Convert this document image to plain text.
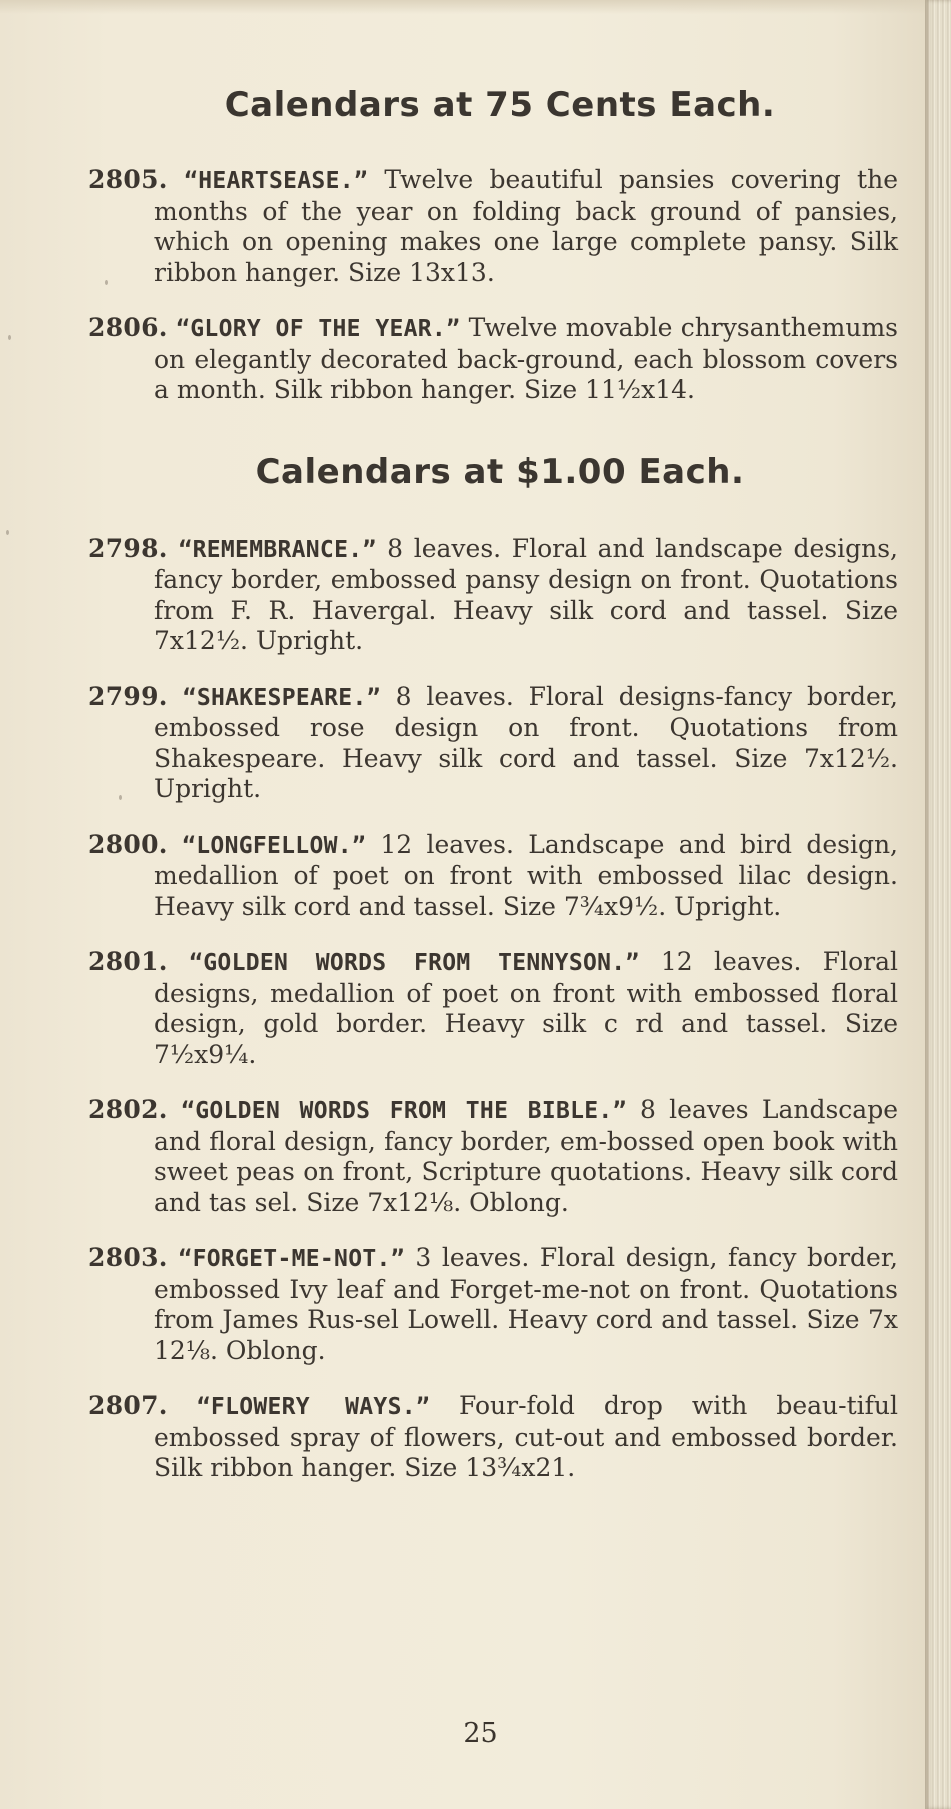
Calendars at 75 Cents Each.

2805. “HEARTSEASE.” Twelve beautiful pansies covering the months of the year on folding back ground of pansies, which on opening makes one large complete pansy. Silk ribbon hanger. Size 13x13.

2806. “GLORY OF THE YEAR.” Twelve movable chrysanthemums on elegantly decorated back-ground, each blossom covers a month. Silk ribbon hanger. Size 11½x14.

Calendars at $1.00 Each.

2798. “REMEMBRANCE.” 8 leaves. Floral and landscape designs, fancy border, embossed pansy design on front. Quotations from F. R. Havergal. Heavy silk cord and tassel. Size 7x12½. Upright.

2799. “SHAKESPEARE.” 8 leaves. Floral designs-fancy border, embossed rose design on front. Quotations from Shakespeare. Heavy silk cord and tassel. Size 7x12½. Upright.

2800. “LONGFELLOW.” 12 leaves. Landscape and bird design, medallion of poet on front with embossed lilac design. Heavy silk cord and tassel. Size 7¾x9½. Upright.

2801. “GOLDEN WORDS FROM TENNYSON.” 12 leaves. Floral designs, medallion of poet on front with embossed floral design, gold border. Heavy silk c rd and tassel. Size 7½x9¼.

2802. “GOLDEN WORDS FROM THE BIBLE.” 8 leaves Landscape and floral design, fancy border, em-bossed open book with sweet peas on front, Scripture quotations. Heavy silk cord and tas sel. Size 7x12⅛. Oblong.

2803. “FORGET-ME-NOT.” 3 leaves. Floral design, fancy border, embossed Ivy leaf and Forget-me-not on front. Quotations from James Rus-sel Lowell. Heavy cord and tassel. Size 7x 12⅛. Oblong.

2807. “FLOWERY WAYS.” Four-fold drop with beau-tiful embossed spray of flowers, cut-out and embossed border. Silk ribbon hanger. Size 13¾x21.

25
